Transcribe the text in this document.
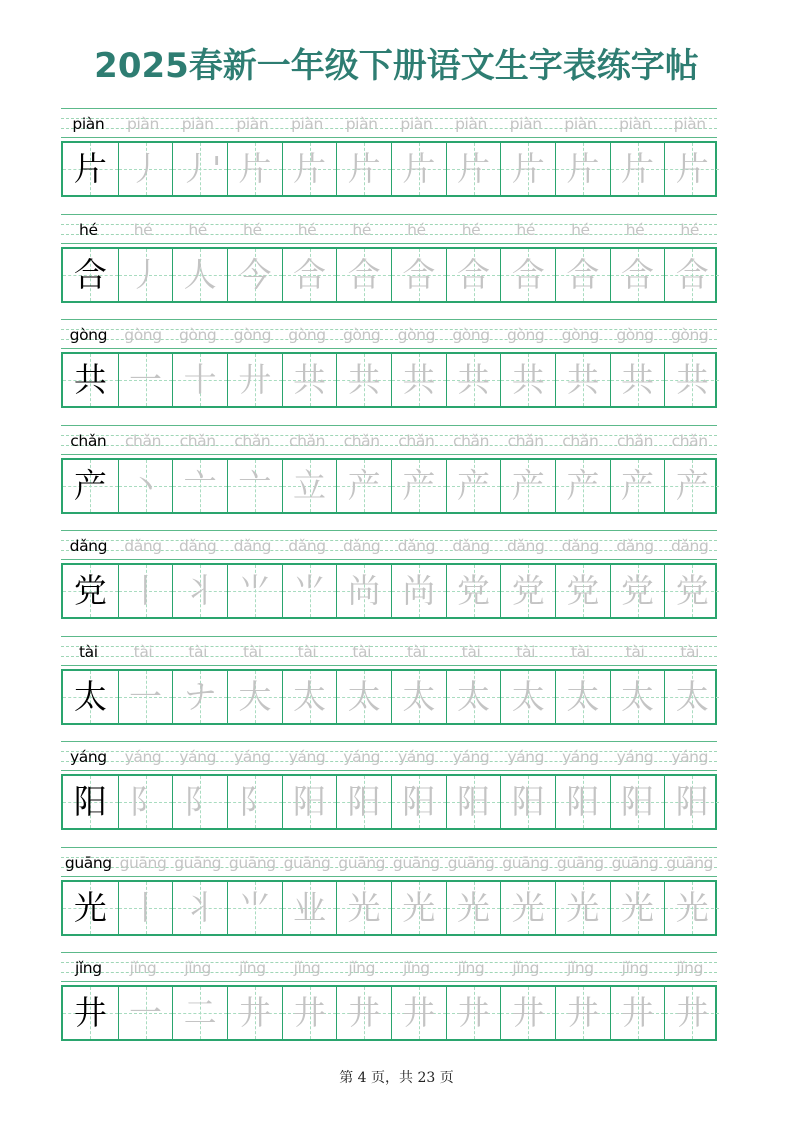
2025春新一年级下册语文生字表练字帖
piàn	piàn	piàn	piàn	piàn	piàn	piàn	piàn	piàn	piàn	piàn	piàn
片 丿 丿' 片 片 片 片 片 片 片 片 片
hé	hé	hé	hé	hé	hé	hé	hé	hé	hé	hé	hé
合 丿 人 今 合 合 合 合 合 合 合 合
gòng	gòng	gòng	gòng	gòng	gòng	gòng	gòng	gòng	gòng	gòng	gòng
共 一 十 廾 共 共 共 共 共 共 共 共
chǎn	chǎn	chǎn	chǎn	chǎn	chǎn	chǎn	chǎn	chǎn	chǎn	chǎn	chǎn
产 丶 亠 亠 立 产 产 产 产 产 产 产
dǎng	dǎng	dǎng	dǎng	dǎng	dǎng	dǎng	dǎng	dǎng	dǎng	dǎng	dǎng
党 丨 丬 ⺌ ⺌ 尚 尚 党 党 党 党 党
tài	tài	tài	tài	tài	tài	tài	tài	tài	tài	tài	tài
太 一 ナ 大 太 太 太 太 太 太 太 太
yáng	yáng	yáng	yáng	yáng	yáng	yáng	yáng	yáng	yáng	yáng	yáng
阳 阝 阝 阝 阳 阳 阳 阳 阳 阳 阳 阳
guāng guāng guāng guāng guāng guāng guāng guāng guāng guāng guāng guāng
光 丨 丬 ⺌ 业 光 光 光 光 光 光 光
jǐng	jǐng	jǐng	jǐng	jǐng	jǐng	jǐng	jǐng	jǐng	jǐng	jǐng	jǐng
井 一 二 井 井 井 井 井 井 井 井 井
第 4 页，共 23 页
